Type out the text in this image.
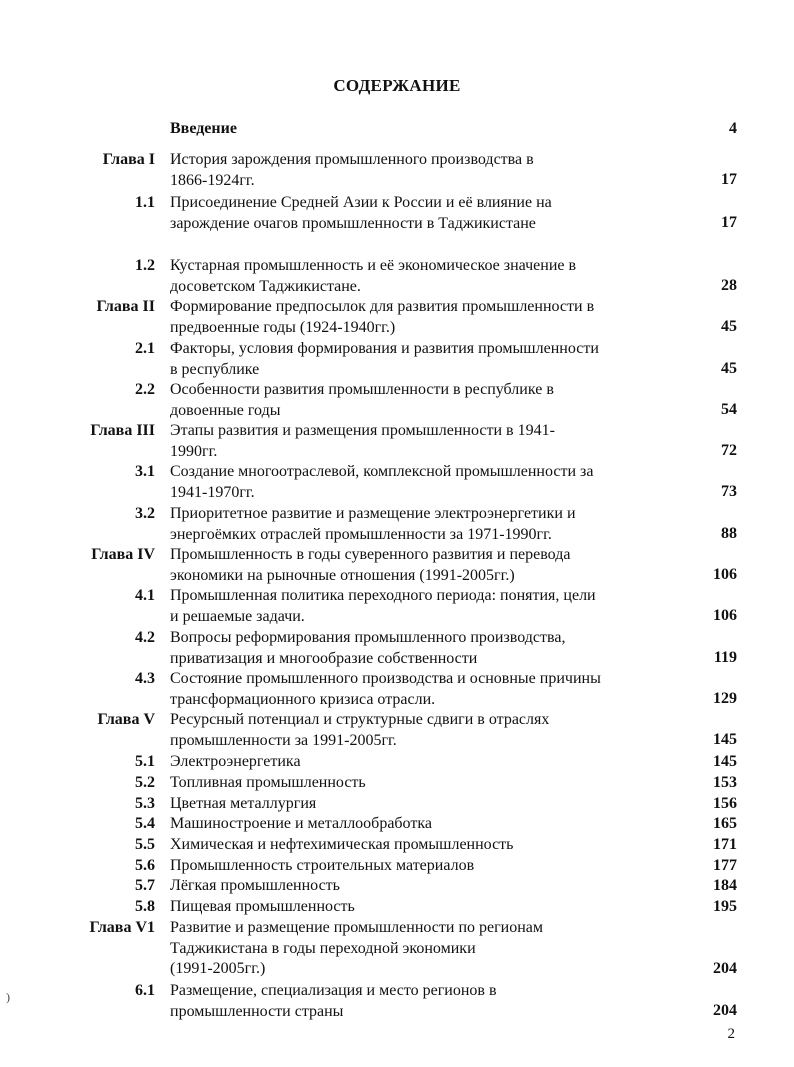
СОДЕРЖАНИЕ
Введение	4
Глава I История зарождения промышленного производства в
1866-1924гг.	17
1.1 Присоединение Средней Азии к России и её влияние на
зарождение очагов промышленности в Таджикистане	17
1.2 Кустарная промышленность и её экономическое значение в
досоветском Таджикистане.	28
Глава II Формирование предпосылок для развития промышленности в
предвоенные годы (1924-1940гг.)	45
2.1 Факторы, условия формирования и развития промышленности
в республике	45
2.2 Особенности развития промышленности в республике в
довоенные годы	54
Глава III Этапы развития и размещения промышленности в 1941-
1990гг.	72
3.1 Создание многоотраслевой, комплексной промышленности за
1941-1970гг.	73
3.2 Приоритетное развитие и размещение электроэнергетики и
энергоёмких отраслей промышленности за 1971-1990гг.	88
Глава IV Промышленность в годы суверенного развития и перевода
экономики на рыночные отношения (1991-2005гг.)	106
4.1 Промышленная политика переходного периода: понятия, цели
и решаемые задачи.	106
4.2 Вопросы реформирования промышленного производства,
приватизация и многообразие собственности	119
4.3 Состояние промышленного производства и основные причины
трансформационного кризиса отрасли.	129
Глава V Ресурсный потенциал и структурные сдвиги в отраслях
промышленности за 1991-2005гг.	145
5.1 Электроэнергетика	145
5.2 Топливная промышленность	153
5.3 Цветная металлургия	156
5.4 Машиностроение и металлообработка	165
5.5 Химическая и нефтехимическая промышленность	171
5.6 Промышленность строительных материалов	177
5.7 Лёгкая промышленность	184
5.8 Пищевая промышленность	195
Глава V1 Развитие и размещение промышленности по регионам
Таджикистана в годы переходной экономики
(1991-2005гг.)	204
6.1 Размещение, специализация и место регионов в
промышленности страны	204
)
2
